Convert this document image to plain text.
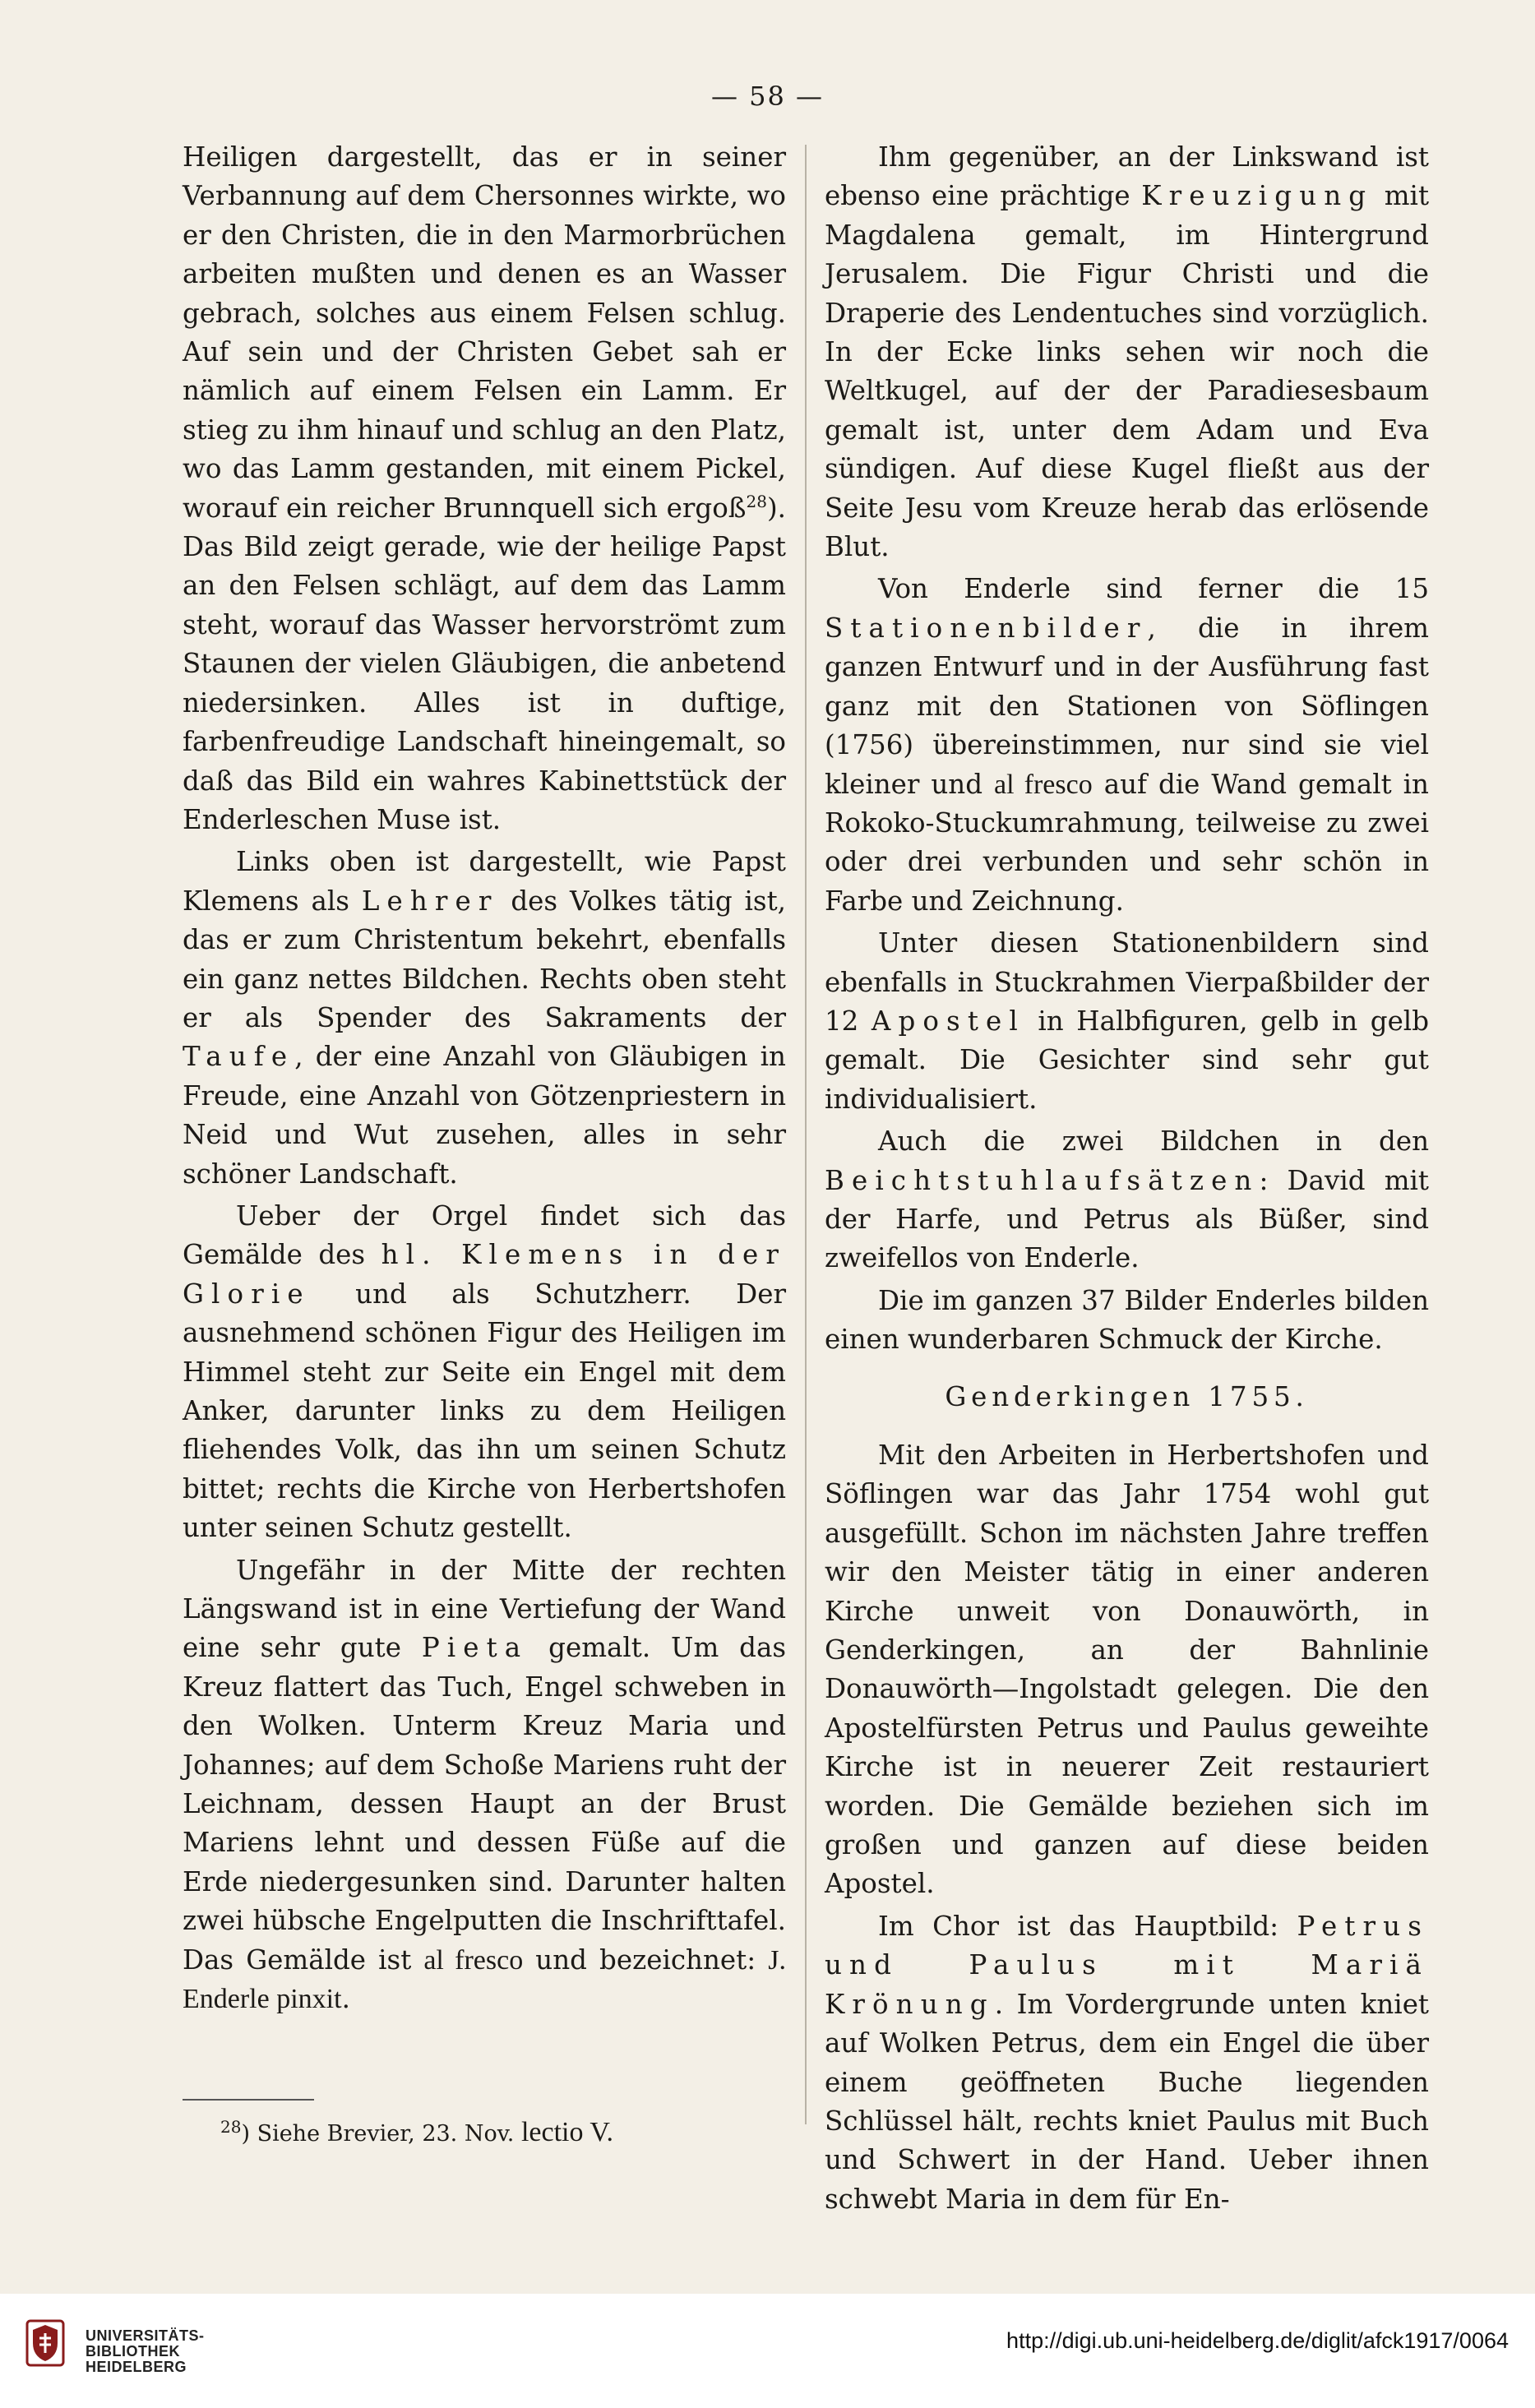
— 58 —

Heiligen dargestellt, das er in seiner Verbannung auf dem Chersonnes wirkte, wo er den Christen, die in den Marmorbrüchen arbeiten mußten und denen es an Wasser gebrach, solches aus einem Felsen schlug. Auf sein und der Christen Gebet sah er nämlich auf einem Felsen ein Lamm. Er stieg zu ihm hinauf und schlug an den Platz, wo das Lamm gestanden, mit einem Pickel, worauf ein reicher Brunnquell sich ergoß$^{28}$). Das Bild zeigt gerade, wie der heilige Papst an den Felsen schlägt, auf dem das Lamm steht, worauf das Wasser hervorströmt zum Staunen der vielen Gläubigen, die anbetend niedersinken. Alles ist in duftige, farbenfreudige Landschaft hineingemalt, so daß das Bild ein wahres Kabinettstück der Enderleschen Muse ist.

Links oben ist dargestellt, wie Papst Klemens als Lehrer des Volkes tätig ist, das er zum Christentum bekehrt, ebenfalls ein ganz nettes Bildchen. Rechts oben steht er als Spender des Sakraments der Taufe, der eine Anzahl von Gläubigen in Freude, eine Anzahl von Götzenpriestern in Neid und Wut zusehen, alles in sehr schöner Landschaft.

Ueber der Orgel findet sich das Gemälde des hl. Klemens in der Glorie und als Schutzherr. Der ausnehmend schönen Figur des Heiligen im Himmel steht zur Seite ein Engel mit dem Anker, darunter links zu dem Heiligen fliehendes Volk, das ihn um seinen Schutz bittet; rechts die Kirche von Herbertshofen unter seinen Schutz gestellt.

Ungefähr in der Mitte der rechten Längswand ist in eine Vertiefung der Wand eine sehr gute Pieta gemalt. Um das Kreuz flattert das Tuch, Engel schweben in den Wolken. Unterm Kreuz Maria und Johannes; auf dem Schoße Mariens ruht der Leichnam, dessen Haupt an der Brust Mariens lehnt und dessen Füße auf die Erde niedergesunken sind. Darunter halten zwei hübsche Engelputten die Inschrifttafel. Das Gemälde ist al fresco und bezeichnet: J. Enderle pinxit.

Ihm gegenüber, an der Linkswand ist ebenso eine prächtige Kreuzigung mit Magdalena gemalt, im Hintergrund Jerusalem. Die Figur Christi und die Draperie des Lendentuches sind vorzüglich. In der Ecke links sehen wir noch die Weltkugel, auf der der Paradiesesbaum gemalt ist, unter dem Adam und Eva sündigen. Auf diese Kugel fließt aus der Seite Jesu vom Kreuze herab das erlösende Blut.

Von Enderle sind ferner die 15 Stationenbilder, die in ihrem ganzen Entwurf und in der Ausführung fast ganz mit den Stationen von Söflingen (1756) übereinstimmen, nur sind sie viel kleiner und al fresco auf die Wand gemalt in Rokoko-Stuckumrahmung, teilweise zu zwei oder drei verbunden und sehr schön in Farbe und Zeichnung.

Unter diesen Stationenbildern sind ebenfalls in Stuckrahmen Vierpaßbilder der 12 Apostel in Halbfiguren, gelb in gelb gemalt. Die Gesichter sind sehr gut individualisiert.

Auch die zwei Bildchen in den Beichtstuhlaufsätzen: David mit der Harfe, und Petrus als Büßer, sind zweifellos von Enderle.

Die im ganzen 37 Bilder Enderles bilden einen wunderbaren Schmuck der Kirche.

Genderkingen 1755.

Mit den Arbeiten in Herbertshofen und Söflingen war das Jahr 1754 wohl gut ausgefüllt. Schon im nächsten Jahre treffen wir den Meister tätig in einer anderen Kirche unweit von Donauwörth, in Genderkingen, an der Bahnlinie Donauwörth—Ingolstadt gelegen. Die den Apostelfürsten Petrus und Paulus geweihte Kirche ist in neuerer Zeit restauriert worden. Die Gemälde beziehen sich im großen und ganzen auf diese beiden Apostel.

Im Chor ist das Hauptbild: Petrus und Paulus mit Mariä Krönung. Im Vordergrunde unten kniet auf Wolken Petrus, dem ein Engel die über einem geöffneten Buche liegenden Schlüssel hält, rechts kniet Paulus mit Buch und Schwert in der Hand. Ueber ihnen schwebt Maria in dem für En-

$^{28}$) Siehe Brevier, 23. Nov. lectio V.
UNIVERSITÄTS-
BIBLIOTHEK
HEIDELBERG
http://digi.ub.uni-heidelberg.de/diglit/afck1917/0064
